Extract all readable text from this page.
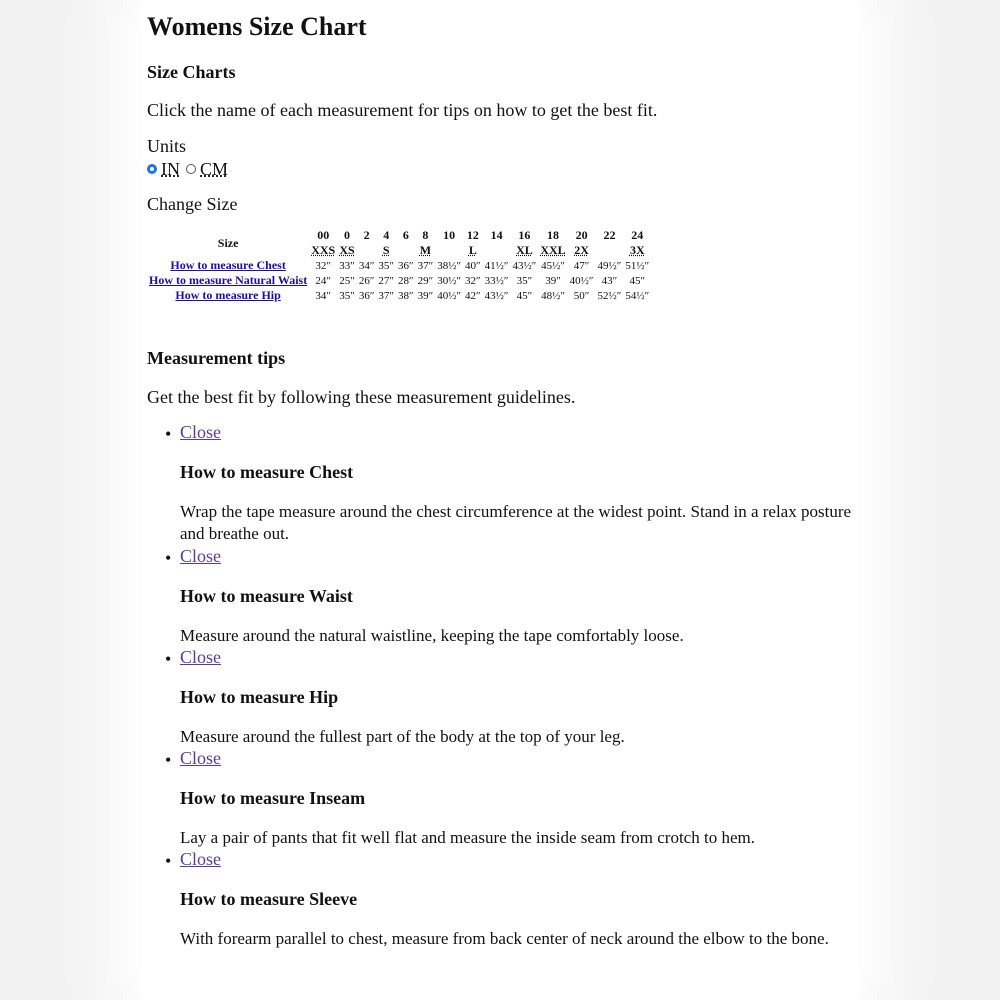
Womens Size Chart
Size Charts
Click the name of each measurement for tips on how to get the best fit.
Units
IN CM
Change Size
Size	00	0	2	4	6	8	10	12	14	16	18	20	22	24
	XXS	XS		S		M		L		XL	XXL	2X		3X
How to measure Chest	32″	33″	34″	35″	36″	37″	38½″	40″	41½″	43½″	45½″	47″	49½″	51½″
How to measure Natural Waist	24″	25″	26″	27″	28″	29″	30½″	32″	33½″	35″	39″	40½″	43″	45″
How to measure Hip	34″	35″	36″	37″	38″	39″	40½″	42″	43½″	45″	48½″	50″	52½″	54½″
Measurement tips
Get the best fit by following these measurement guidelines.
• Close
How to measure Chest
Wrap the tape measure around the chest circumference at the widest point. Stand in a relax posture and breathe out.
• Close
How to measure Waist
Measure around the natural waistline, keeping the tape comfortably loose.
• Close
How to measure Hip
Measure around the fullest part of the body at the top of your leg.
• Close
How to measure Inseam
Lay a pair of pants that fit well flat and measure the inside seam from crotch to hem.
• Close
How to measure Sleeve
With forearm parallel to chest, measure from back center of neck around the elbow to the bone.
